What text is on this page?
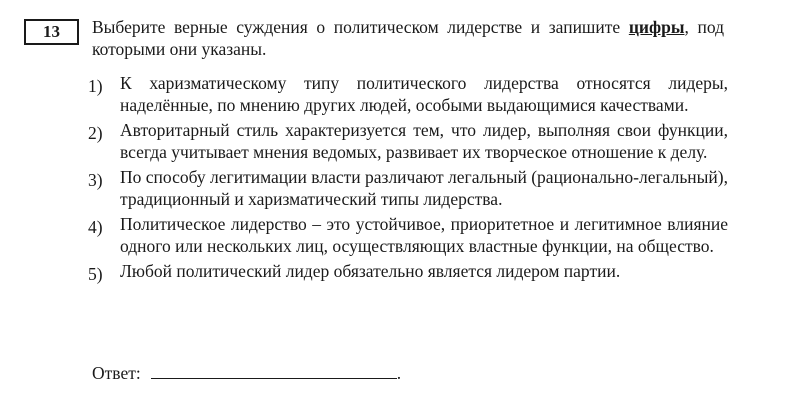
13	Выберите верные суждения о политическом лидерстве и запишите цифры, под которыми они указаны.
1) К харизматическому типу политического лидерства относятся лидеры, наделённые, по мнению других людей, особыми выдающимися качествами.
2) Авторитарный стиль характеризуется тем, что лидер, выполняя свои функции, всегда учитывает мнения ведомых, развивает их творческое отношение к делу.
3) По способу легитимации власти различают легальный (рационально-легальный), традиционный и харизматический типы лидерства.
4) Политическое лидерство – это устойчивое, приоритетное и легитимное влияние одного или нескольких лиц, осуществляющих властные функции, на общество.
5) Любой политический лидер обязательно является лидером партии.
Ответ:	.
